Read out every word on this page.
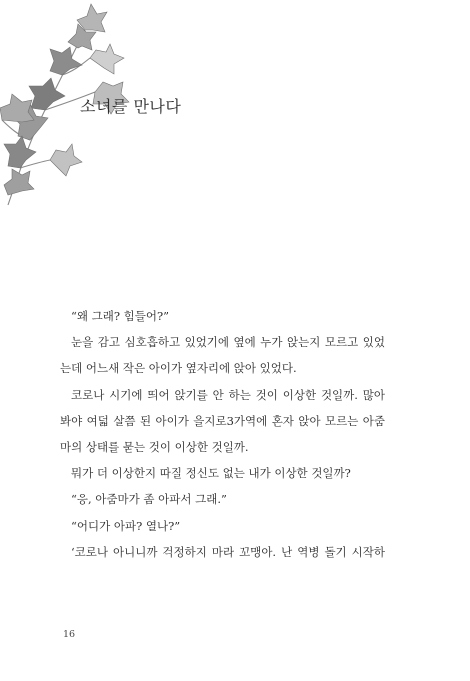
소녀를 만나다
“왜 그래? 힘들어?”
눈을 감고 심호흡하고 있었기에 옆에 누가 앉는지 모르고 있었
는데 어느새 작은 아이가 옆자리에 앉아 있었다.
코로나 시기에 띄어 앉기를 안 하는 것이 이상한 것일까. 많아
봐야 여덟 살쯤 된 아이가 을지로3가역에 혼자 앉아 모르는 아줌
마의 상태를 묻는 것이 이상한 것일까.
뭐가 더 이상한지 따질 정신도 없는 내가 이상한 것일까?
“응, 아줌마가 좀 아파서 그래.”
“어디가 아파? 열나?”
‘코로나 아니니까 걱정하지 마라 꼬맹아. 난 역병 돌기 시작하
16
